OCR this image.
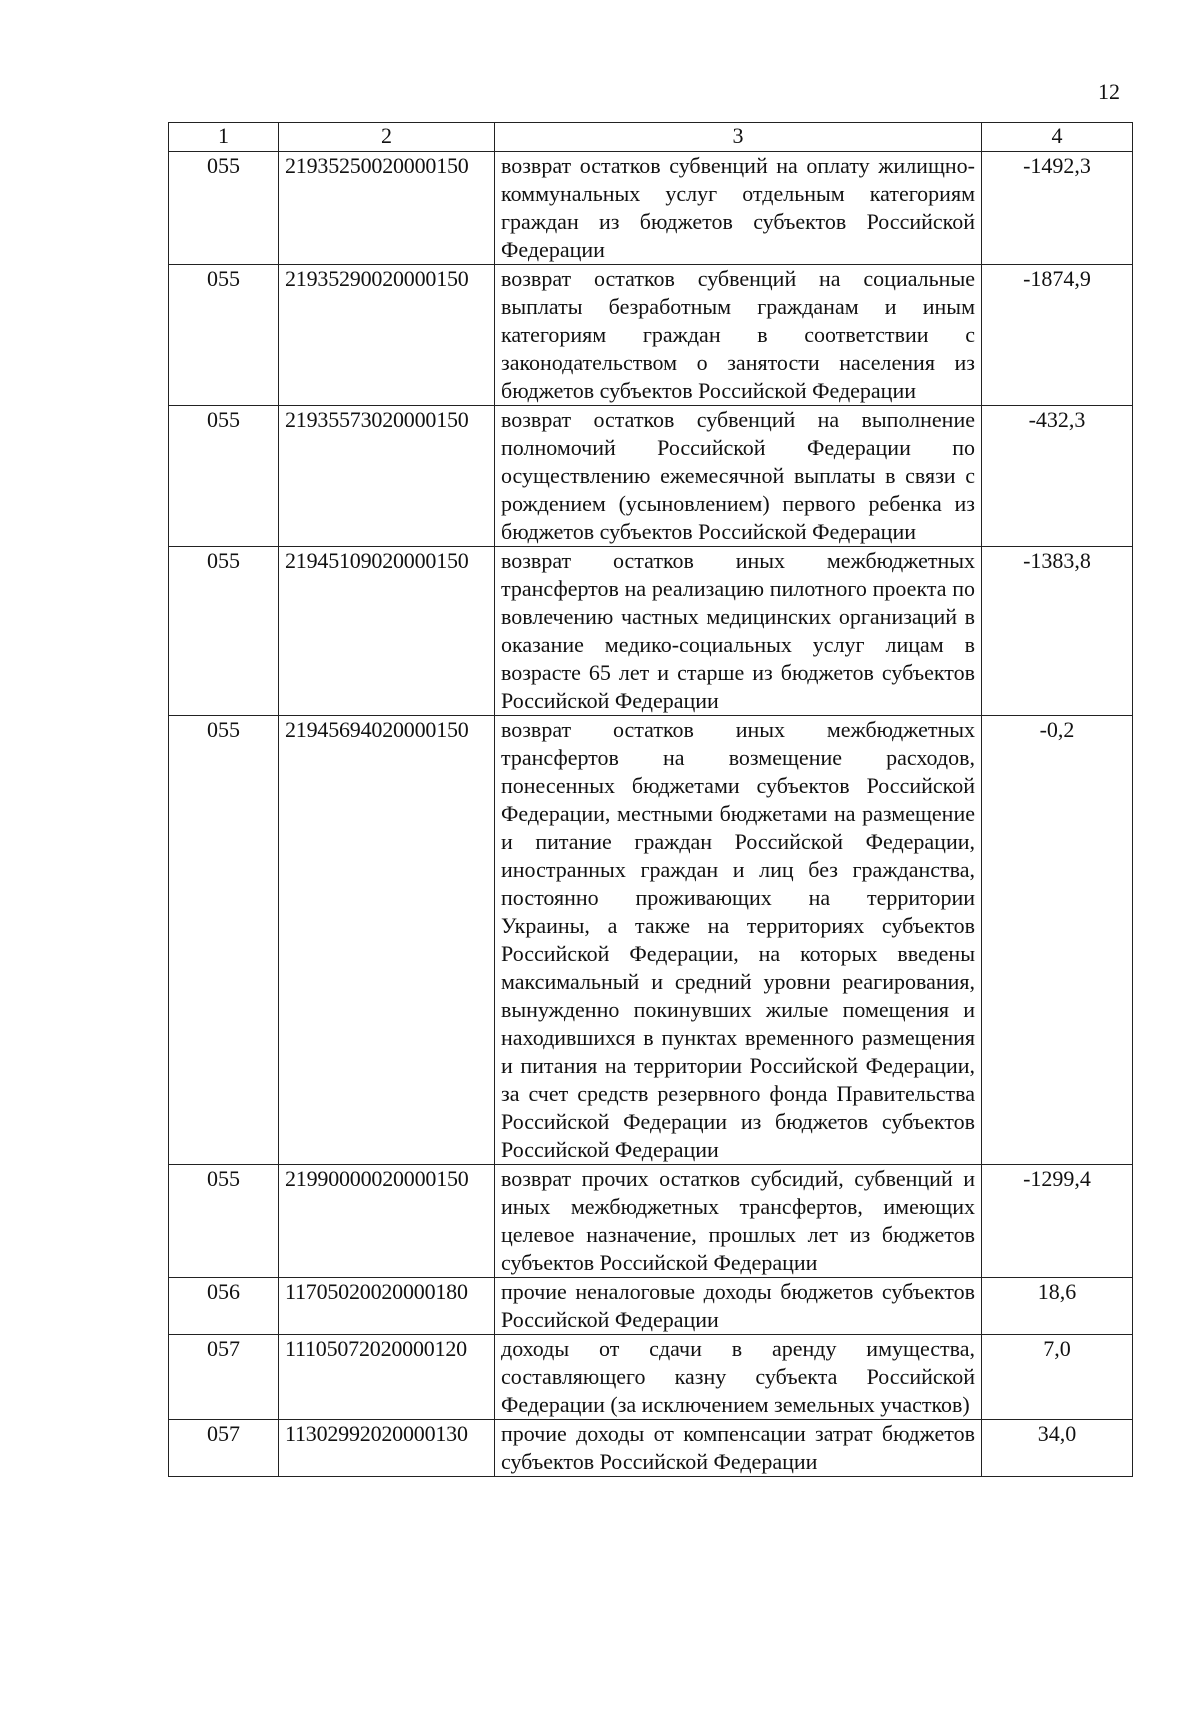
12
1	2	3	4
055	21935250020000150	возврат остатков субвенций на оплату жилищно-коммунальных услуг отдельным категориям граждан из бюджетов субъектов Российской Федерации	-1492,3
055	21935290020000150	возврат остатков субвенций на социальные выплаты безработным гражданам и иным категориям граждан в соответствии с законодательством о занятости населения из бюджетов субъектов Российской Федерации	-1874,9
055	21935573020000150	возврат остатков субвенций на выполнение полномочий Российской Федерации по осуществлению ежемесячной выплаты в связи с рождением (усыновлением) первого ребенка из бюджетов субъектов Российской Федерации	-432,3
055	21945109020000150	возврат остатков иных межбюджетных трансфертов на реализацию пилотного проекта по вовлечению частных медицинских организаций в оказание медико-социальных услуг лицам в возрасте 65 лет и старше из бюджетов субъектов Российской Федерации	-1383,8
055	21945694020000150	возврат остатков иных межбюджетных трансфертов на возмещение расходов, понесенных бюджетами субъектов Российской Федерации, местными бюджетами на размещение и питание граждан Российской Федерации, иностранных граждан и лиц без гражданства, постоянно проживающих на территории Украины, а также на территориях субъектов Российской Федерации, на которых введены максимальный и средний уровни реагирования, вынужденно покинувших жилые помещения и находившихся в пунктах временного размещения и питания на территории Российской Федерации, за счет средств резервного фонда Правительства Российской Федерации из бюджетов субъектов Российской Федерации	-0,2
055	21990000020000150	возврат прочих остатков субсидий, субвенций и иных межбюджетных трансфертов, имеющих целевое назначение, прошлых лет из бюджетов субъектов Российской Федерации	-1299,4
056	11705020020000180	прочие неналоговые доходы бюджетов субъектов Российской Федерации	18,6
057	11105072020000120	доходы от сдачи в аренду имущества, составляющего казну субъекта Российской Федерации (за исключением земельных участков)	7,0
057	11302992020000130	прочие доходы от компенсации затрат бюджетов субъектов Российской Федерации	34,0
